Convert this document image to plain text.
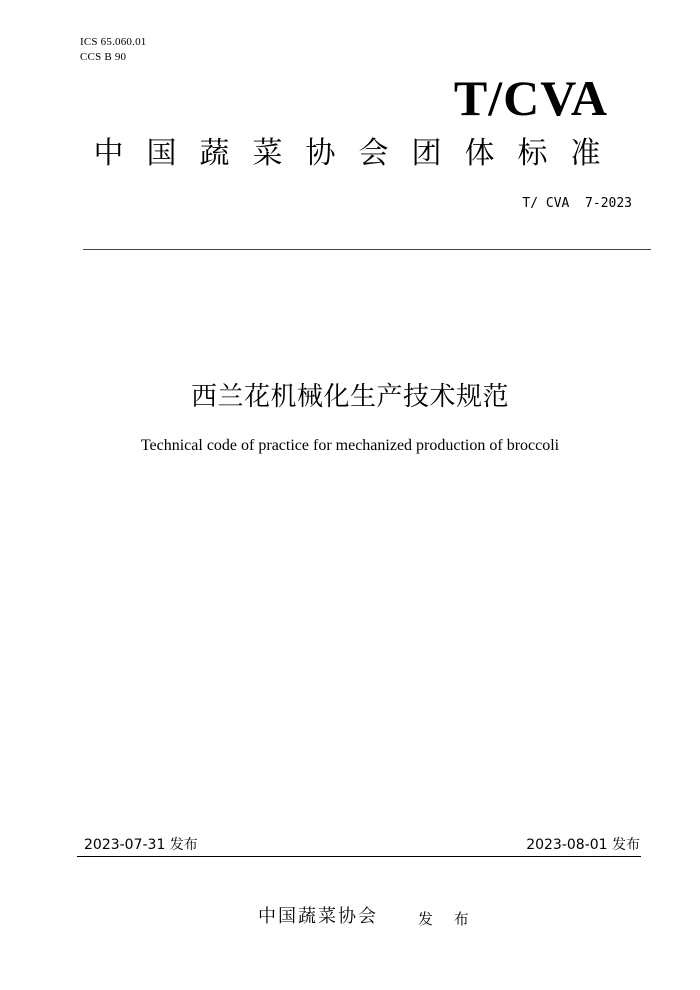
ICS 65.060.01
CCS B 90
T/CVA
中国蔬菜协会团体标准
T/ CVA  7-2023
西兰花机械化生产技术规范
Technical code of practice for mechanized production of broccoli
2023-07-31 发布	2023-08-01 发布
中国蔬菜协会	发 布
